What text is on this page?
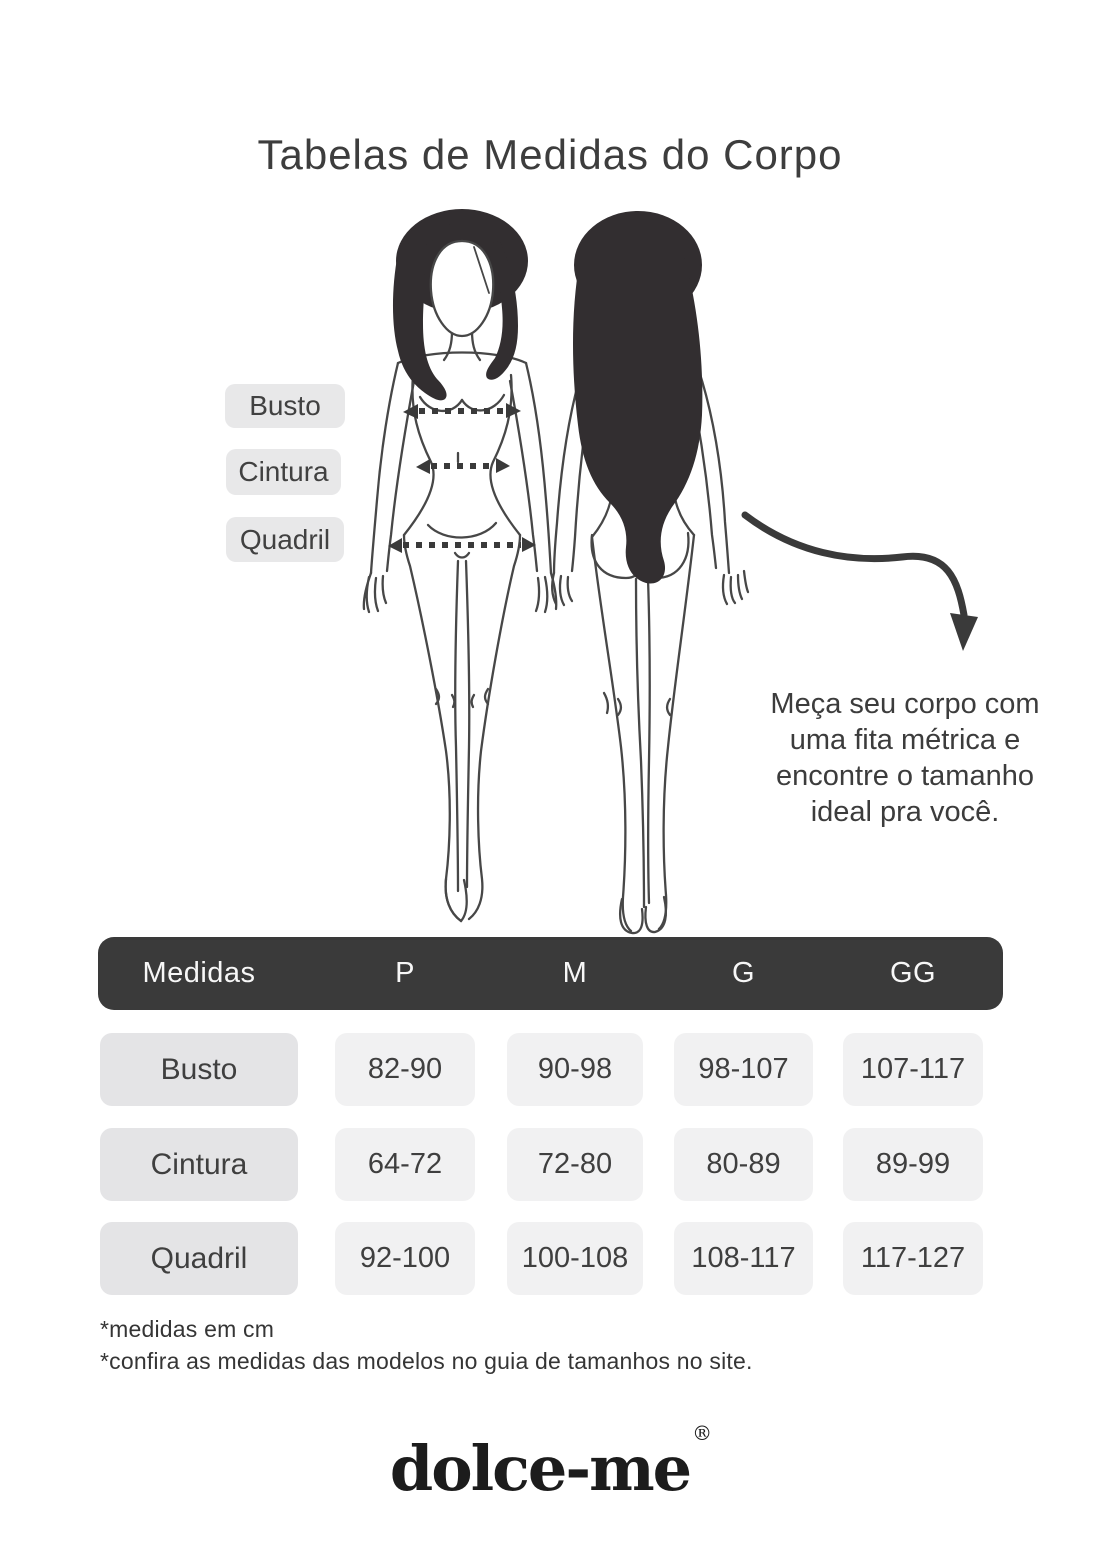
Tabelas de Medidas do Corpo
Busto
Cintura
Quadril
Meça seu corpo com
uma fita métrica e
encontre o tamanho
ideal pra você.
Medidas	P	M	G	GG
Busto	82-90	90-98	98-107	107-117
Cintura	64-72	72-80	80-89	89-99
Quadril	92-100	100-108	108-117	117-127
*medidas em cm
*confira as medidas das modelos no guia de tamanhos no site.
dolce-me ®
